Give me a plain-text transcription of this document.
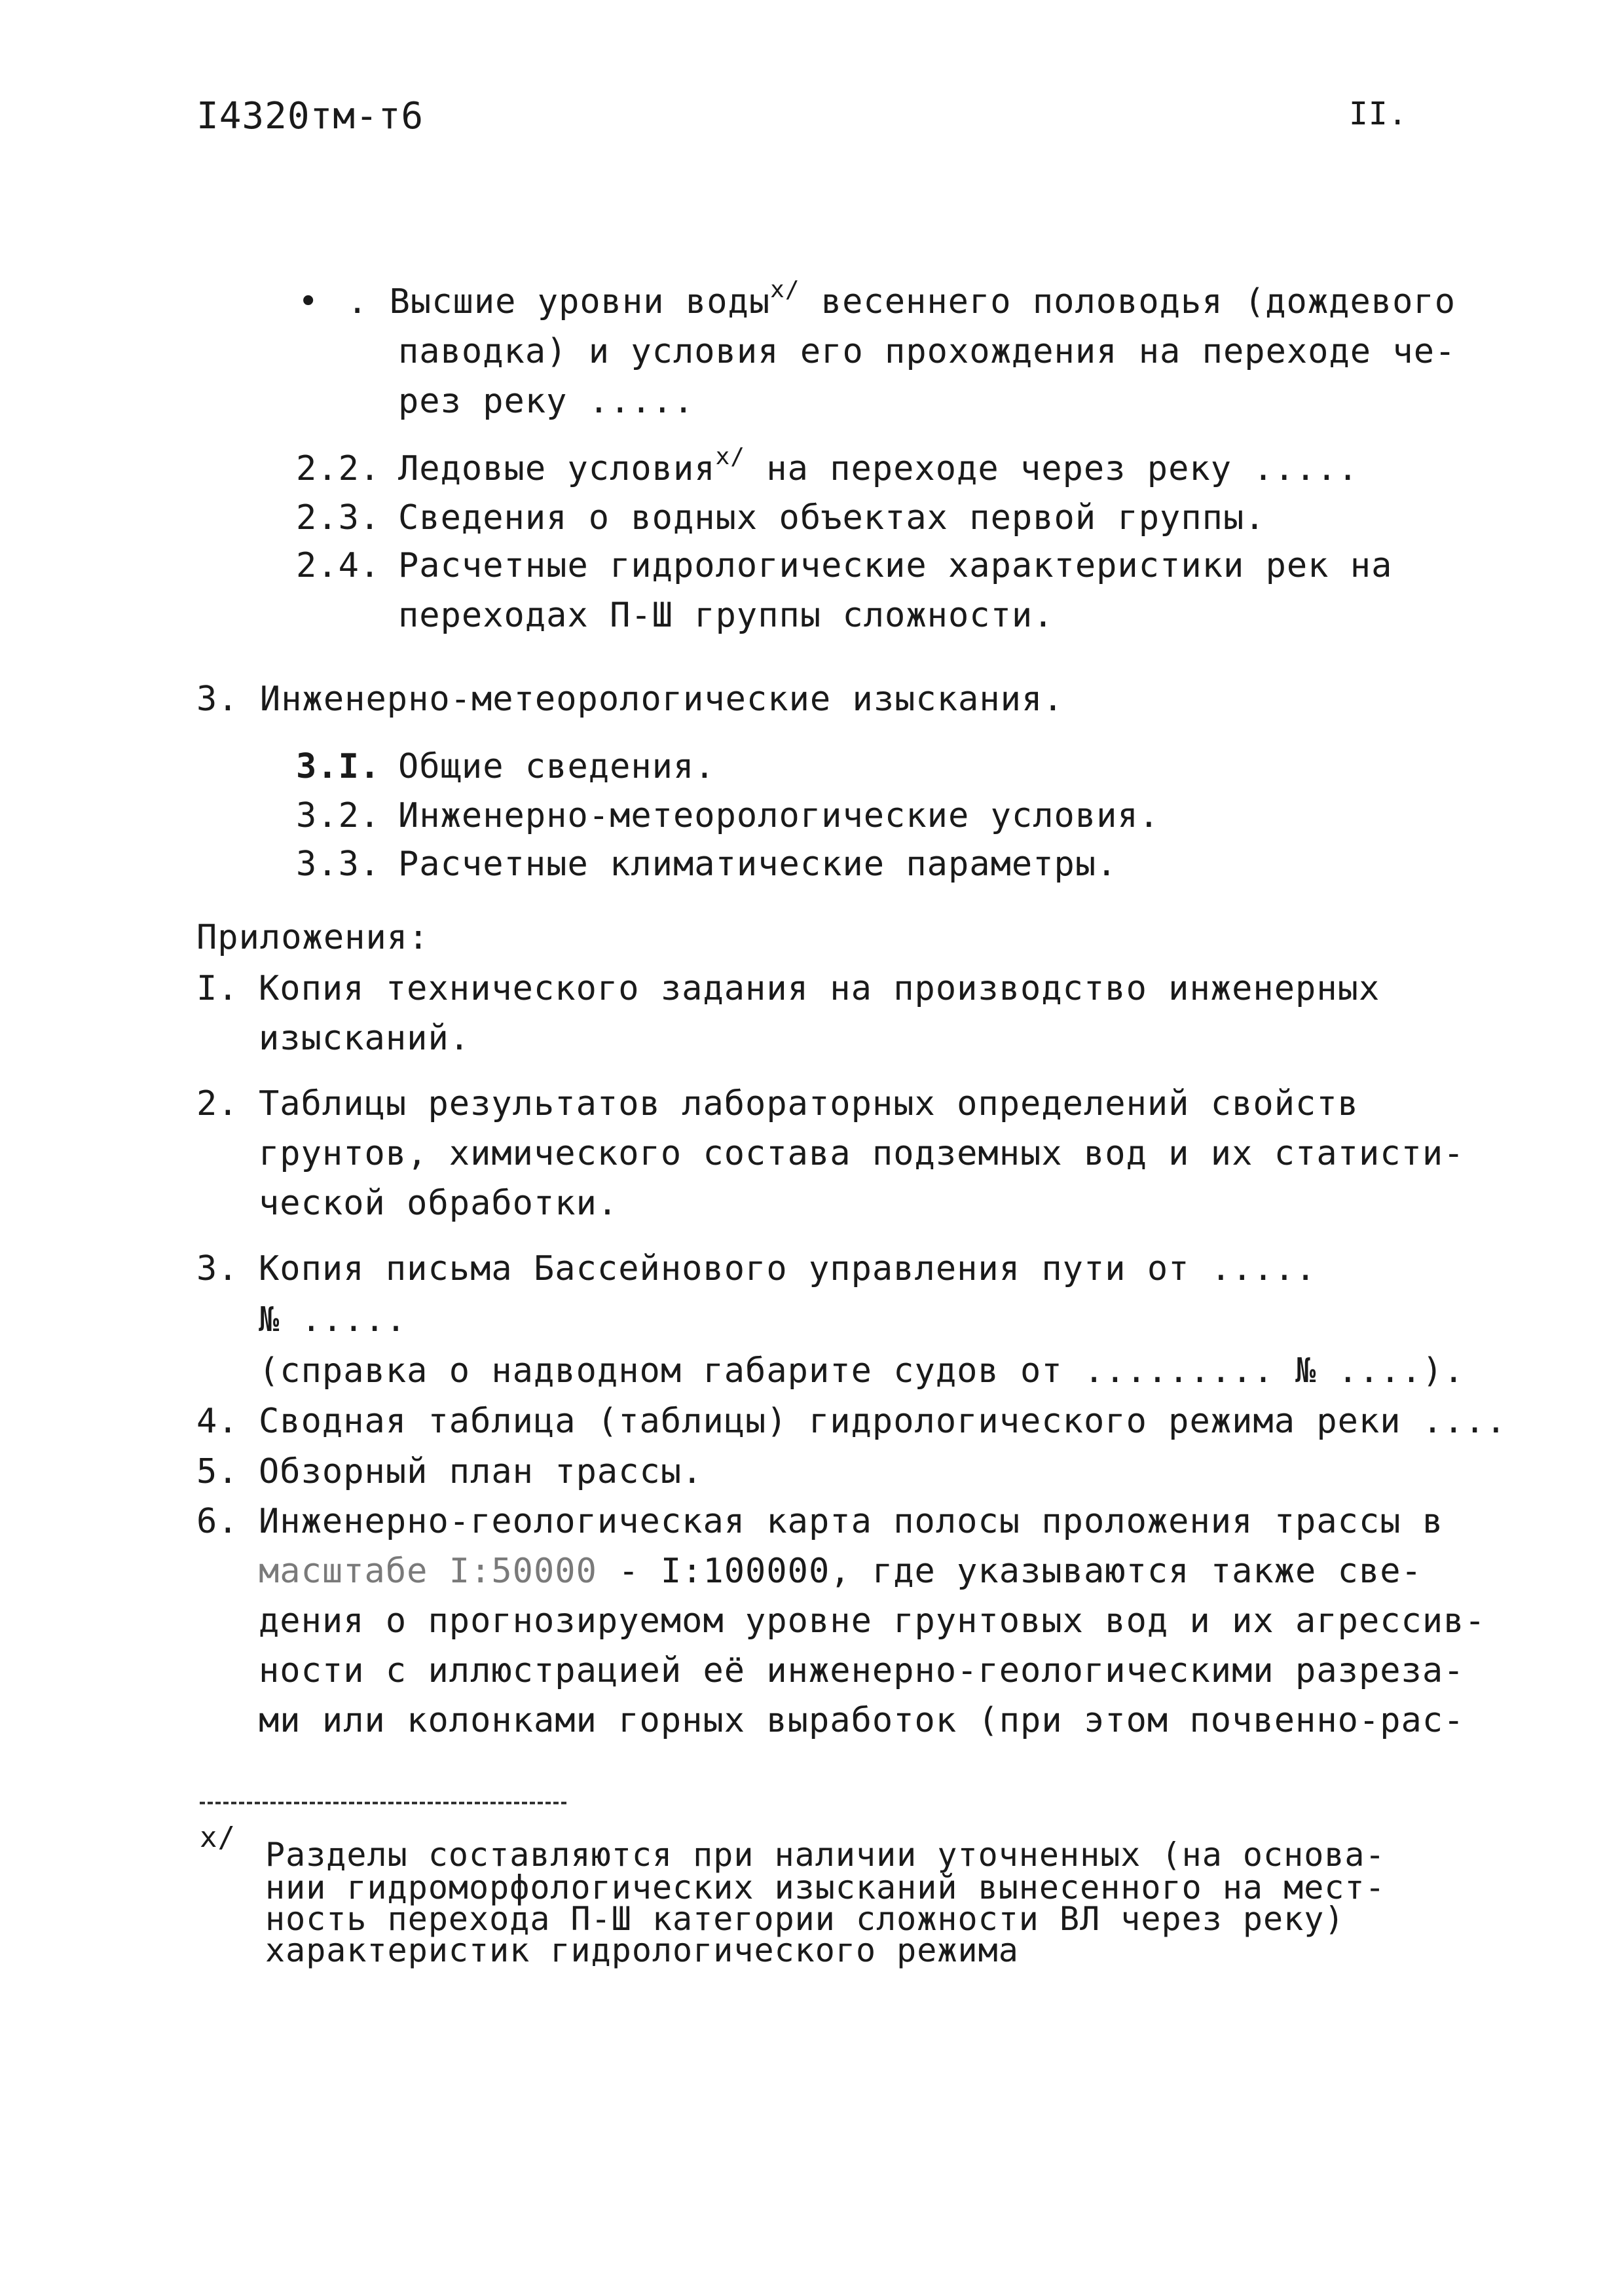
I4320тм-т6	II.
• . Высшие уровни воды$^{x/}$ весеннего половодья (дождевого
паводка) и условия его прохождения на переходе че-
рез реку .....
2.2. Ледовые условия$^{x/}$ на переходе через реку .....
2.3. Сведения о водных объектах первой группы.
2.4. Расчетные гидрологические характеристики рек на
переходах П-Ш группы сложности.
3. Инженерно-метеорологические изыскания.
3.I. Общие сведения.
3.2. Инженерно-метеорологические условия.
3.3. Расчетные климатические параметры.
Приложения:
I. Копия технического задания на производство инженерных
изысканий.
2. Таблицы результатов лабораторных определений свойств
грунтов, химического состава подземных вод и их статисти-
ческой обработки.
3. Копия письма Бассейнового управления пути от .....
№ .....
(справка о надводном габарите судов от ......... № ....).
4. Сводная таблица (таблицы) гидрологического режима реки ....
5. Обзорный план трассы.
6. Инженерно-геологическая карта полосы проложения трассы в
масштабе I:50000 - I:100000, где указываются также све-
дения о прогнозируемом уровне грунтовых вод и их агрессив-
ности с иллюстрацией её инженерно-геологическими разреза-
ми или колонками горных выработок (при этом почвенно-рас-
x/ Разделы составляются при наличии уточненных (на основа-
нии гидроморфологических изысканий вынесенного на мест-
ность перехода П-Ш категории сложности ВЛ через реку)
характеристик гидрологического режима
